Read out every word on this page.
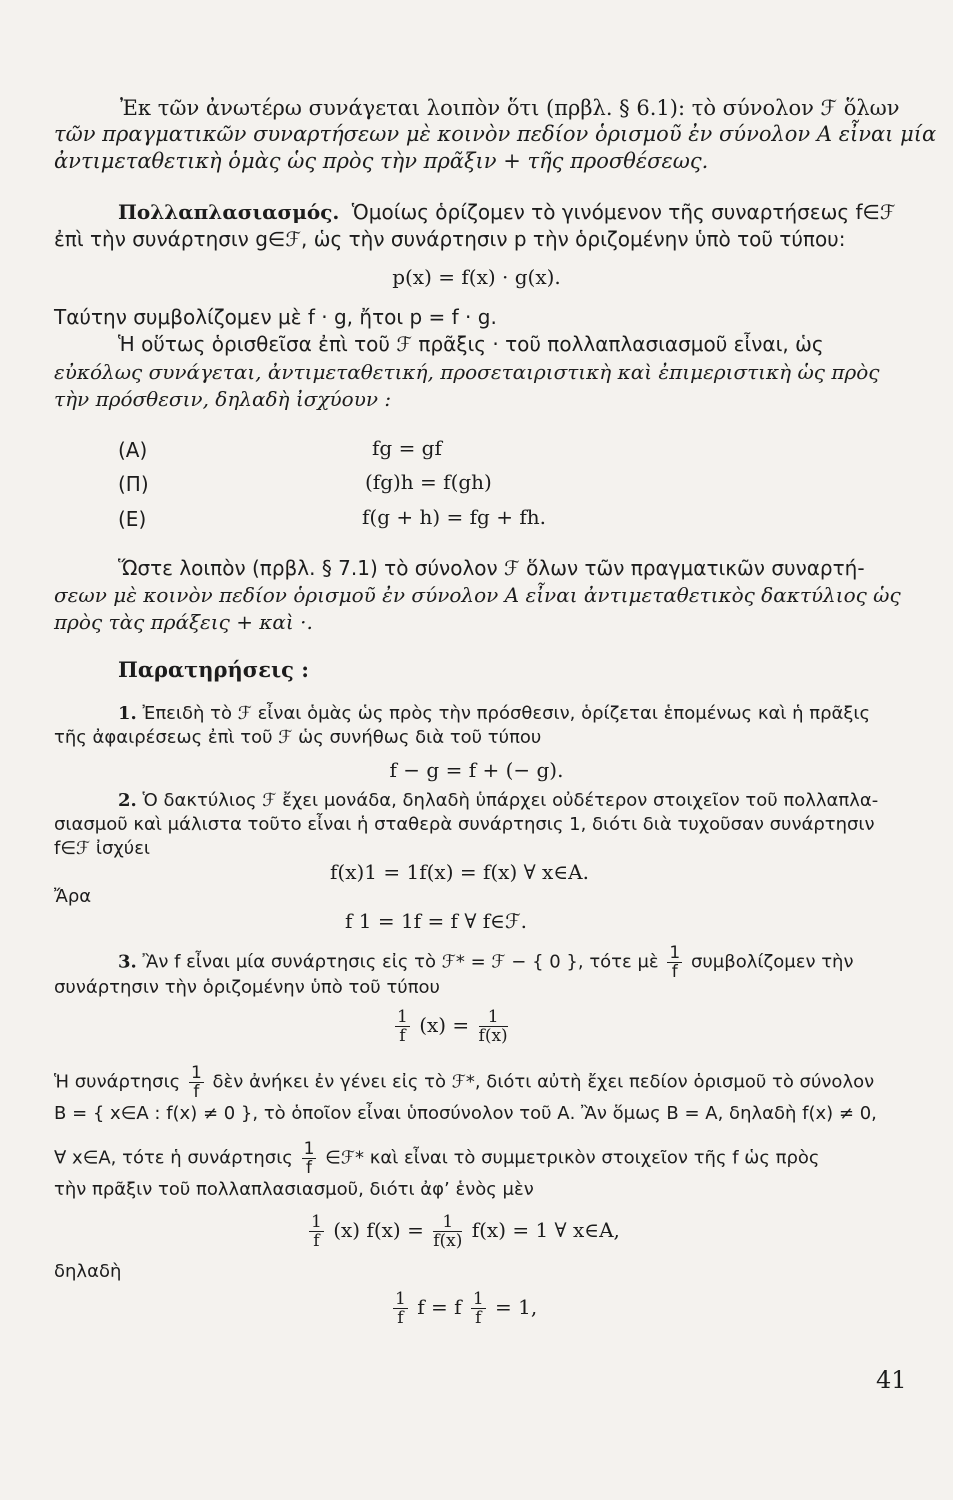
Ἐκ τῶν ἀνωτέρω συνάγεται λοιπὸν ὅτι (πρβλ. § 6.1): τὸ σύνολον ℱ ὅλων
τῶν πραγματικῶν συναρτήσεων μὲ κοινὸν πεδίον ὁρισμοῦ ἐν σύνολον Α εἶναι μία
ἀντιμεταθετικὴ ὁμὰς ὡς πρὸς τὴν πρᾶξιν + τῆς προσθέσεως.
Πολλαπλασιασμός. Ὁμοίως ὁρίζομεν τὸ γινόμενον τῆς συναρτήσεως f∈ℱ
ἐπὶ τὴν συνάρτησιν g∈ℱ, ὡς τὴν συνάρτησιν p τὴν ὁριζομένην ὑπὸ τοῦ τύπου:
p(x) = f(x) · g(x).
Ταύτην συμβολίζομεν μὲ f · g, ἤτοι p = f · g.
Ἡ οὕτως ὁρισθεῖσα ἐπὶ τοῦ ℱ πρᾶξις · τοῦ πολλαπλασιασμοῦ εἶναι, ὡς
εὐκόλως συνάγεται, ἀντιμεταθετική, προσεταιριστικὴ καὶ ἐπιμεριστικὴ ὡς πρὸς
τὴν πρόσθεσιν, δηλαδὴ ἰσχύουν :
(A)	fg = gf
(Π)	(fg)h = f(gh)
(E)	f(g + h) = fg + fh.
Ὥστε λοιπὸν (πρβλ. § 7.1) τὸ σύνολον ℱ ὅλων τῶν πραγματικῶν συναρτή-
σεων μὲ κοινὸν πεδίον ὁρισμοῦ ἐν σύνολον Α εἶναι ἀντιμεταθετικὸς δακτύλιος ὡς
πρὸς τὰς πράξεις + καὶ ·.
Παρατηρήσεις :
1. Ἐπειδὴ τὸ ℱ εἶναι ὁμὰς ὡς πρὸς τὴν πρόσθεσιν, ὁρίζεται ἑπομένως καὶ ἡ πρᾶξις
τῆς ἀφαιρέσεως ἐπὶ τοῦ ℱ ὡς συνήθως διὰ τοῦ τύπου
f − g = f + (− g).
2. Ὁ δακτύλιος ℱ ἔχει μονάδα, δηλαδὴ ὑπάρχει οὐδέτερον στοιχεῖον τοῦ πολλαπλα-
σιασμοῦ καὶ μάλιστα τοῦτο εἶναι ἡ σταθερὰ συνάρτησις 1, διότι διὰ τυχοῦσαν συνάρτησιν
f∈ℱ ἰσχύει
f(x)1 = 1f(x) = f(x) ∀ x∈A.
Ἄρα
f 1 = 1f = f ∀ f∈ℱ.
3. Ἂν f εἶναι μία συνάρτησις εἰς τὸ ℱ* = ℱ − { 0 }, τότε μὲ $\frac{1}{f}$ συμβολίζομεν τὴν
συνάρτησιν τὴν ὁριζομένην ὑπὸ τοῦ τύπου
$\frac{1}{f} (x) = \frac{1}{f(x)}$
Ἡ συνάρτησις $\frac{1}{f}$ δὲν ἀνήκει ἐν γένει εἰς τὸ ℱ*, διότι αὐτὴ ἔχει πεδίον ὁρισμοῦ τὸ σύνολον
B = { x∈A : f(x) ≠ 0 }, τὸ ὁποῖον εἶναι ὑποσύνολον τοῦ Α. Ἂν ὅμως B = A, δηλαδὴ f(x) ≠ 0,
∀ x∈A, τότε ἡ συνάρτησις $\frac{1}{f}$ ∈ℱ* καὶ εἶναι τὸ συμμετρικὸν στοιχεῖον τῆς f ὡς πρὸς
τὴν πρᾶξιν τοῦ πολλαπλασιασμοῦ, διότι ἀφ’ ἑνὸς μὲν
$\frac{1}{f} (x) f(x) = \frac{1}{f(x)} f(x) = 1$ ∀ x∈A,
δηλαδὴ
$\frac{1}{f}$ f = f $\frac{1}{f} = 1$,
41
